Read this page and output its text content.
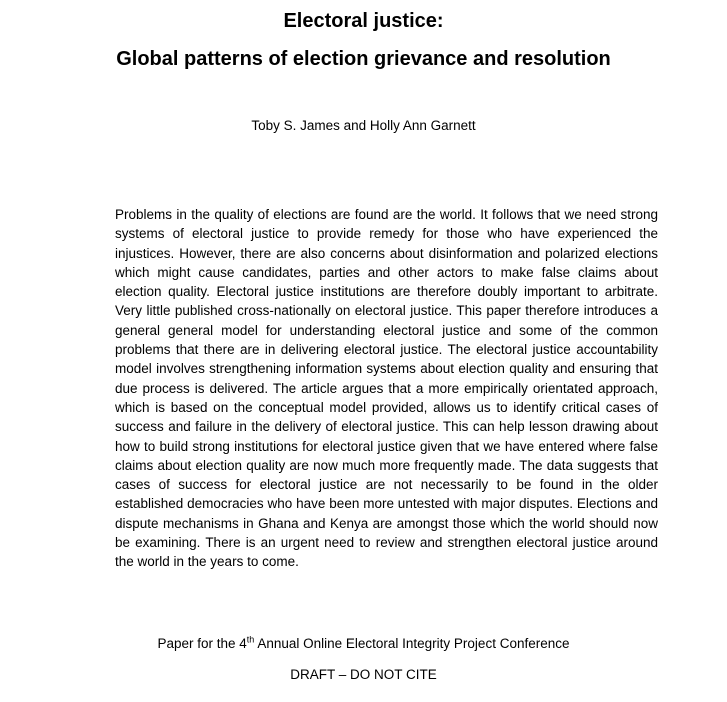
Electoral justice:
Global patterns of election grievance and resolution
Toby S. James and Holly Ann Garnett

Problems in the quality of elections are found are the world. It follows that we need strong systems of electoral justice to provide remedy for those who have experienced the injustices. However, there are also concerns about disinformation and polarized elections which might cause candidates, parties and other actors to make false claims about election quality. Electoral justice institutions are therefore doubly important to arbitrate. Very little published cross-nationally on electoral justice. This paper therefore introduces a general general model for understanding electoral justice and some of the common problems that there are in delivering electoral justice. The electoral justice accountability model involves strengthening information systems about election quality and ensuring that due process is delivered. The article argues that a more empirically orientated approach, which is based on the conceptual model provided, allows us to identify critical cases of success and failure in the delivery of electoral justice. This can help lesson drawing about how to build strong institutions for electoral justice given that we have entered where false claims about election quality are now much more frequently made. The data suggests that cases of success for electoral justice are not necessarily to be found in the older established democracies who have been more untested with major disputes. Elections and dispute mechanisms in Ghana and Kenya are amongst those which the world should now be examining. There is an urgent need to review and strengthen electoral justice around the world in the years to come.

Paper for the 4th Annual Online Electoral Integrity Project Conference
DRAFT – DO NOT CITE
